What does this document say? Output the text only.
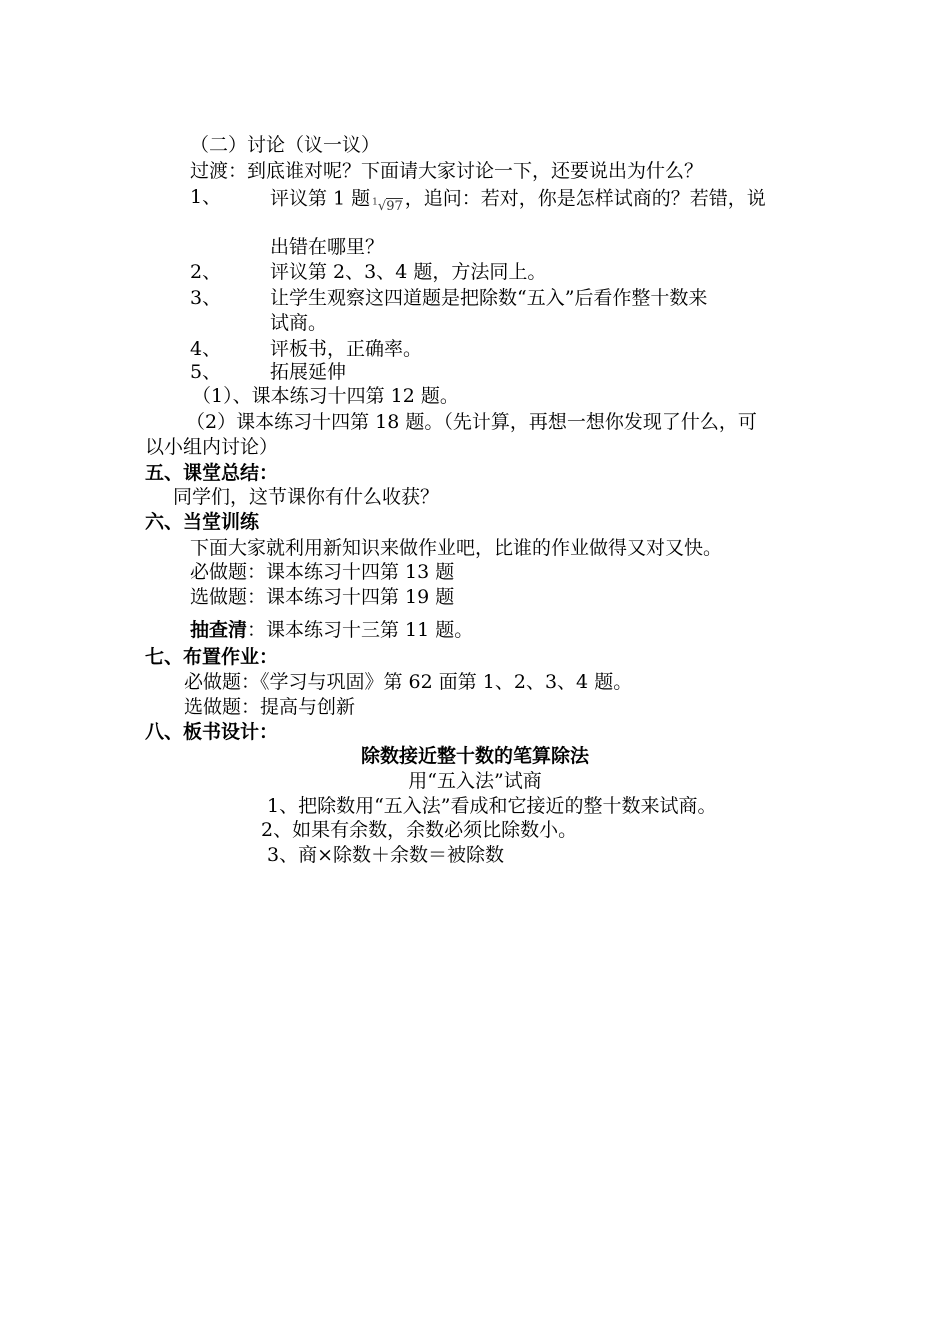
（二）讨论（议一议）
过渡：到底谁对呢？下面请大家讨论一下，还要说出为什么？
1、	评议第 1 题 $_{^1√97}$ ，追问：若对，你是怎样试商的？若错，说
出错在哪里？
2、	评议第 2、3、4 题，方法同上。
3、	让学生观察这四道题是把除数“五入”后看作整十数来
试商。
4、	评板书，正确率。
5、	拓展延伸
（1）、课本练习十四第 12 题。
（2）课本练习十四第 18 题。（先计算，再想一想你发现了什么，可
以小组内讨论）
五、课堂总结：
同学们，这节课你有什么收获？
六、当堂训练
下面大家就利用新知识来做作业吧，比谁的作业做得又对又快。
必做题：课本练习十四第 13 题
选做题：课本练习十四第 19 题
抽查清：课本练习十三第 11 题。
七、布置作业：
必做题：《学习与巩固》第 62 面第 1、2、3、4 题。
选做题：提高与创新
八、板书设计：
除数接近整十数的笔算除法
用“五入法”试商
1、把除数用“五入法”看成和它接近的整十数来试商。
2、如果有余数，余数必须比除数小。
3、商×除数＋余数＝被除数
